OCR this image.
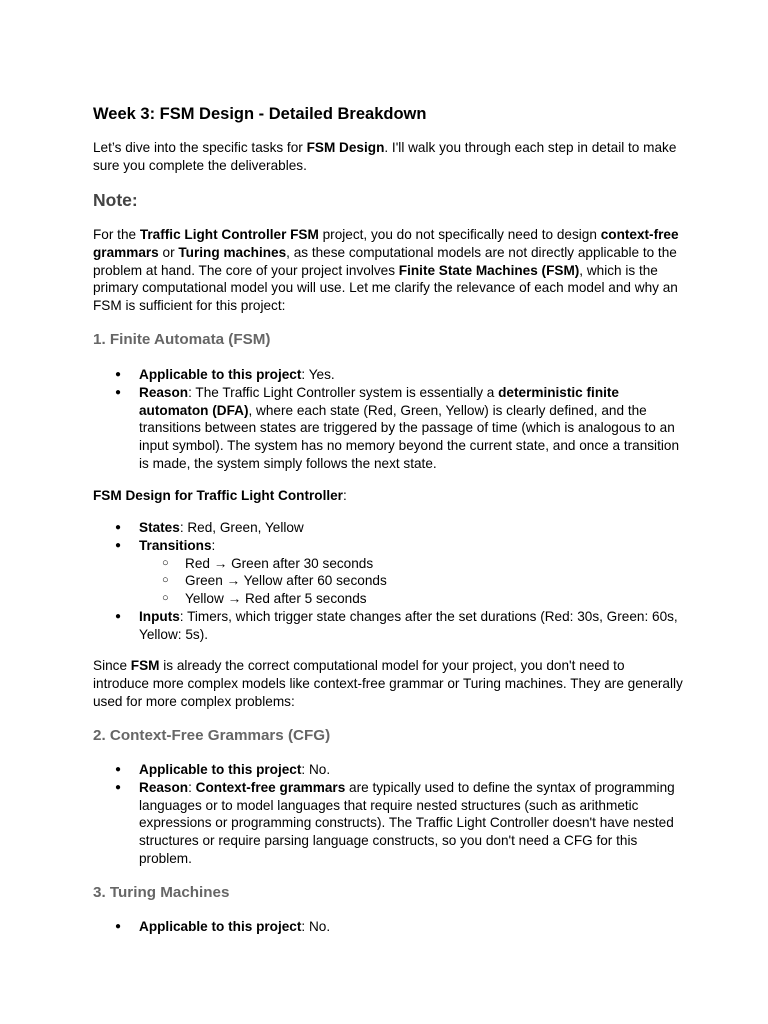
Week 3: FSM Design - Detailed Breakdown

Let’s dive into the specific tasks for FSM Design. I'll walk you through each step in detail to make sure you complete the deliverables.

Note:

For the Traffic Light Controller FSM project, you do not specifically need to design context-free grammars or Turing machines, as these computational models are not directly applicable to the problem at hand. The core of your project involves Finite State Machines (FSM), which is the primary computational model you will use. Let me clarify the relevance of each model and why an FSM is sufficient for this project:

1. Finite Automata (FSM)
● Applicable to this project: Yes.
● Reason: The Traffic Light Controller system is essentially a deterministic finite automaton (DFA), where each state (Red, Green, Yellow) is clearly defined, and the transitions between states are triggered by the passage of time (which is analogous to an input symbol). The system has no memory beyond the current state, and once a transition is made, the system simply follows the next state.

FSM Design for Traffic Light Controller:

● States: Red, Green, Yellow
● Transitions:
○ Red → Green after 30 seconds
○ Green → Yellow after 60 seconds
○ Yellow → Red after 5 seconds
● Inputs: Timers, which trigger state changes after the set durations (Red: 30s, Green: 60s, Yellow: 5s).

Since FSM is already the correct computational model for your project, you don't need to introduce more complex models like context-free grammar or Turing machines. They are generally used for more complex problems:

2. Context-Free Grammars (CFG)
● Applicable to this project: No.
● Reason: Context-free grammars are typically used to define the syntax of programming languages or to model languages that require nested structures (such as arithmetic expressions or programming constructs). The Traffic Light Controller doesn't have nested structures or require parsing language constructs, so you don't need a CFG for this problem.
3. Turing Machines
● Applicable to this project: No.
